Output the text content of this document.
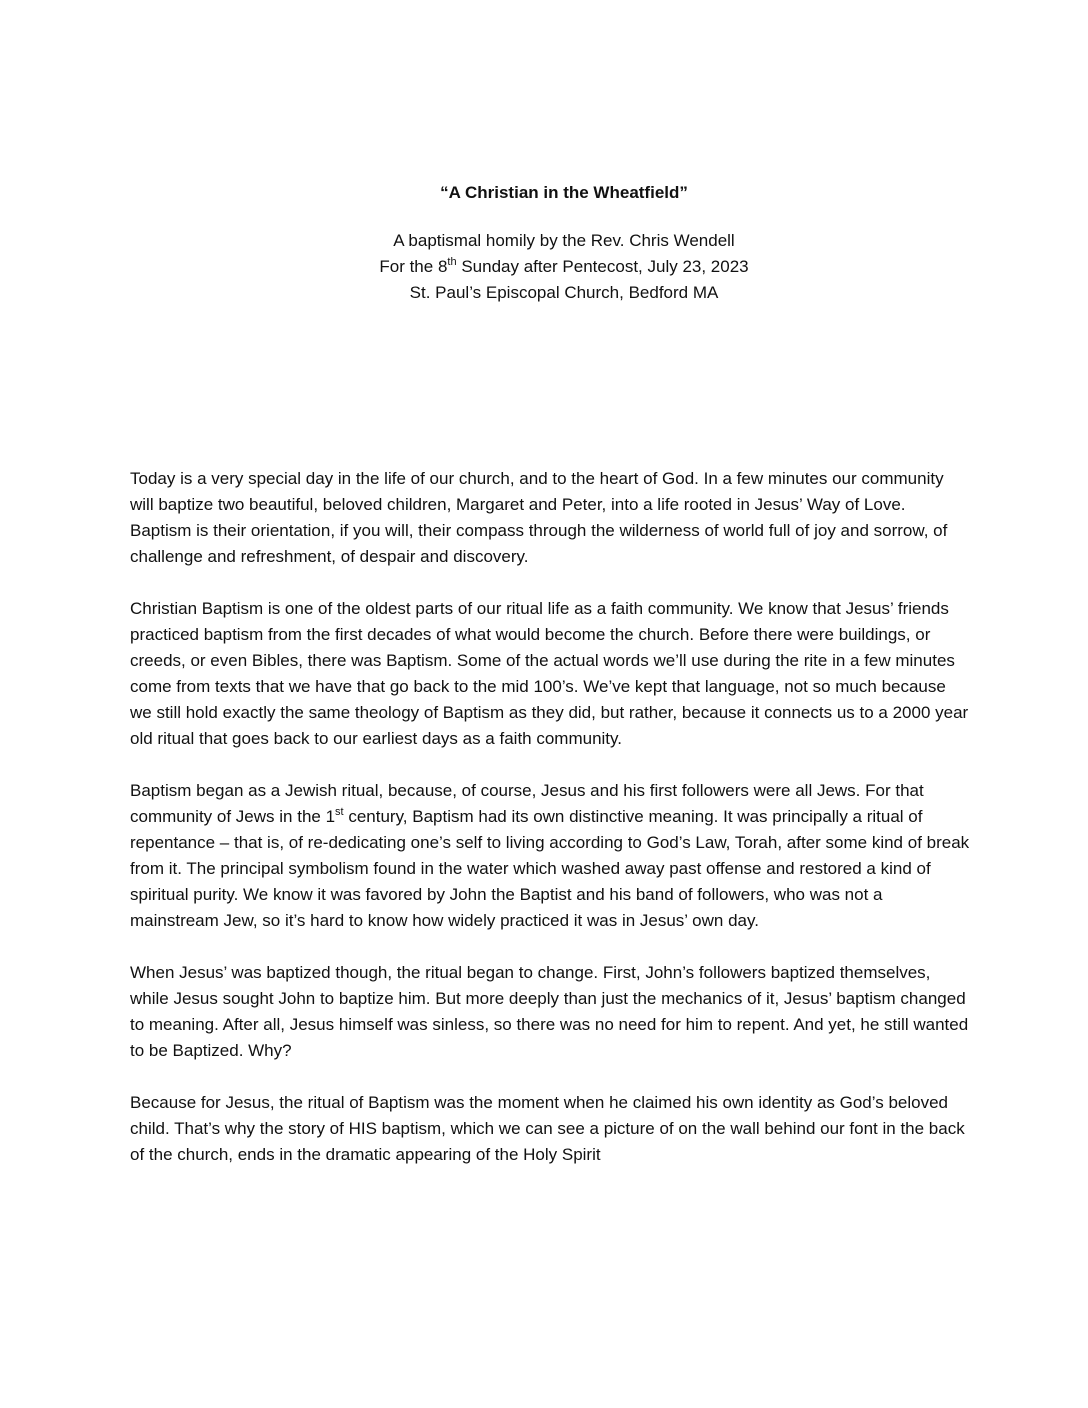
“A Christian in the Wheatfield”

A baptismal homily by the Rev. Chris Wendell
For the 8th Sunday after Pentecost, July 23, 2023
St. Paul’s Episcopal Church, Bedford MA

Today is a very special day in the life of our church, and to the heart of God. In a few minutes our community will baptize two beautiful, beloved children, Margaret and Peter, into a life rooted in Jesus’ Way of Love. Baptism is their orientation, if you will, their compass through the wilderness of world full of joy and sorrow, of challenge and refreshment, of despair and discovery.

Christian Baptism is one of the oldest parts of our ritual life as a faith community. We know that Jesus’ friends practiced baptism from the first decades of what would become the church. Before there were buildings, or creeds, or even Bibles, there was Baptism. Some of the actual words we’ll use during the rite in a few minutes come from texts that we have that go back to the mid 100’s. We’ve kept that language, not so much because we still hold exactly the same theology of Baptism as they did, but rather, because it connects us to a 2000 year old ritual that goes back to our earliest days as a faith community.

Baptism began as a Jewish ritual, because, of course, Jesus and his first followers were all Jews. For that community of Jews in the 1st century, Baptism had its own distinctive meaning. It was principally a ritual of repentance – that is, of re-dedicating one’s self to living according to God’s Law, Torah, after some kind of break from it. The principal symbolism found in the water which washed away past offense and restored a kind of spiritual purity. We know it was favored by John the Baptist and his band of followers, who was not a mainstream Jew, so it’s hard to know how widely practiced it was in Jesus’ own day.

When Jesus’ was baptized though, the ritual began to change. First, John’s followers baptized themselves, while Jesus sought John to baptize him. But more deeply than just the mechanics of it, Jesus’ baptism changed to meaning. After all, Jesus himself was sinless, so there was no need for him to repent. And yet, he still wanted to be Baptized. Why?

Because for Jesus, the ritual of Baptism was the moment when he claimed his own identity as God’s beloved child. That’s why the story of HIS baptism, which we can see a picture of on the wall behind our font in the back of the church, ends in the dramatic appearing of the Holy Spirit
